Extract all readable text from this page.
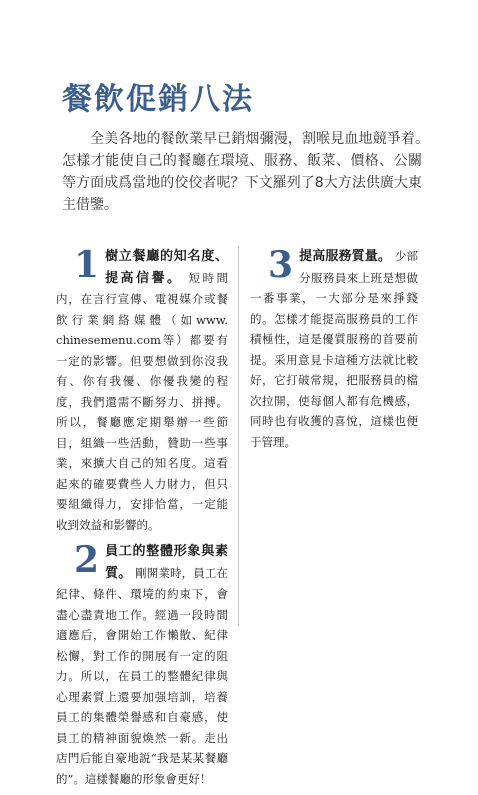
餐飲促銷八法
全美各地的餐飲業早已銷烟彌漫，割喉見血地競爭着。　怎樣才能使自己的餐廳在環境、服務、飯菜、價格、公關等方面成爲當地的佼佼者呢？下文羅列了8大方法供廣大東主借鑒。

1 樹立餐廳的知名度、提高信譽。 短時間内，在言行宣傳、電視媒介或餐飲行業網絡媒體（如www. chinesemenu.com等）都要有一定的影響。但要想做到你沒我有、你有我優、你優我變的程度，我們還需不斷努力、拼搏。所以，餐廳應定期舉辦一些節目，組織一些活動，贊助一些事業，來擴大自己的知名度。這看起來的確要費些人力財力，但只要組織得力，安排恰當，一定能收到效益和影響的。

2 員工的整體形象與素質。 剛開業時，員工在紀律、條件、環境的約束下，會盡心盡責地工作。經過一段時間適應后，會開始工作懶散、紀律松懈，對工作的開展有一定的阻力。所以，在員工的整體紀律與心理素質上還要加强培訓，培養員工的集體榮譽感和自豪感，使員工的精神面貌煥然一新。走出店門后能自豪地説“我是某某餐廳的”。這樣餐廳的形象會更好！

3 提高服務質量。 少部分服務員來上班是想做一番事業，一大部分是來掙錢的。怎樣才能提高服務員的工作積極性，這是優質服務的首要前提。采用意見卡這種方法就比較好，它打破常規，把服務員的檔次拉開，使每個人都有危機感，同時也有收獲的喜悅，這樣也便于管理。
